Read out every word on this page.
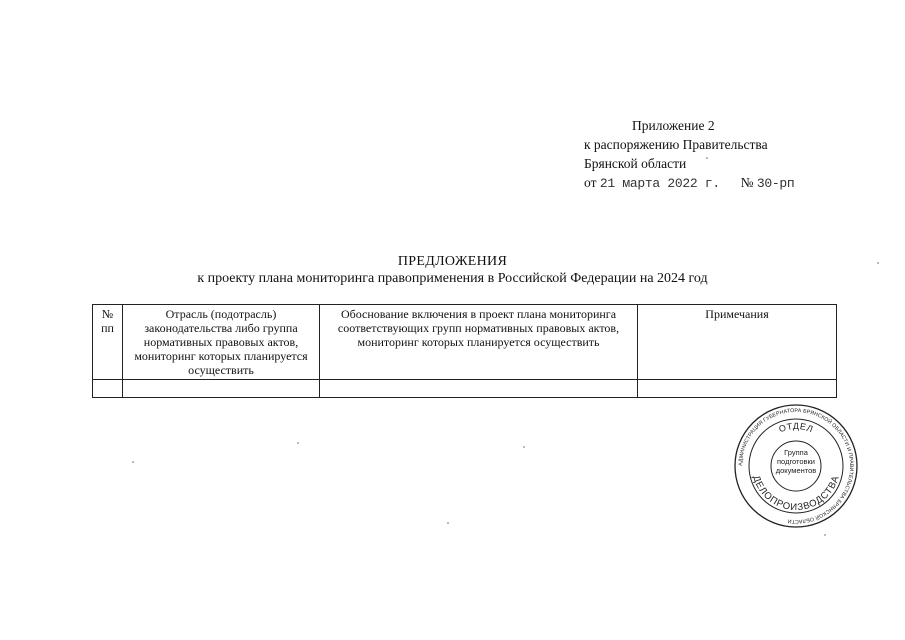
Приложение 2
к распоряжению Правительства
Брянской области
от 21 марта 2022 г. № 30-рп
ПРЕДЛОЖЕНИЯ
к проекту плана мониторинга правоприменения в Российской Федерации на 2024 год
№ пп	Отрасль (подотрасль) законодательства либо группа нормативных правовых актов, мониторинг которых планируется осуществить	Обоснование включения в проект плана мониторинга соответствующих групп нормативных правовых актов, мониторинг которых планируется осуществить	Примечания

АДМИНИСТРАЦИЯ ГУБЕРНАТОРА БРЯНСКОЙ ОБЛАСТИ И ПРАВИТЕЛЬСТВА БРЯНСКОЙ ОБЛАСТИ
ОТДЕЛ
ДЕЛОПРОИЗВОДСТВА
Группа
подготовки
документов
